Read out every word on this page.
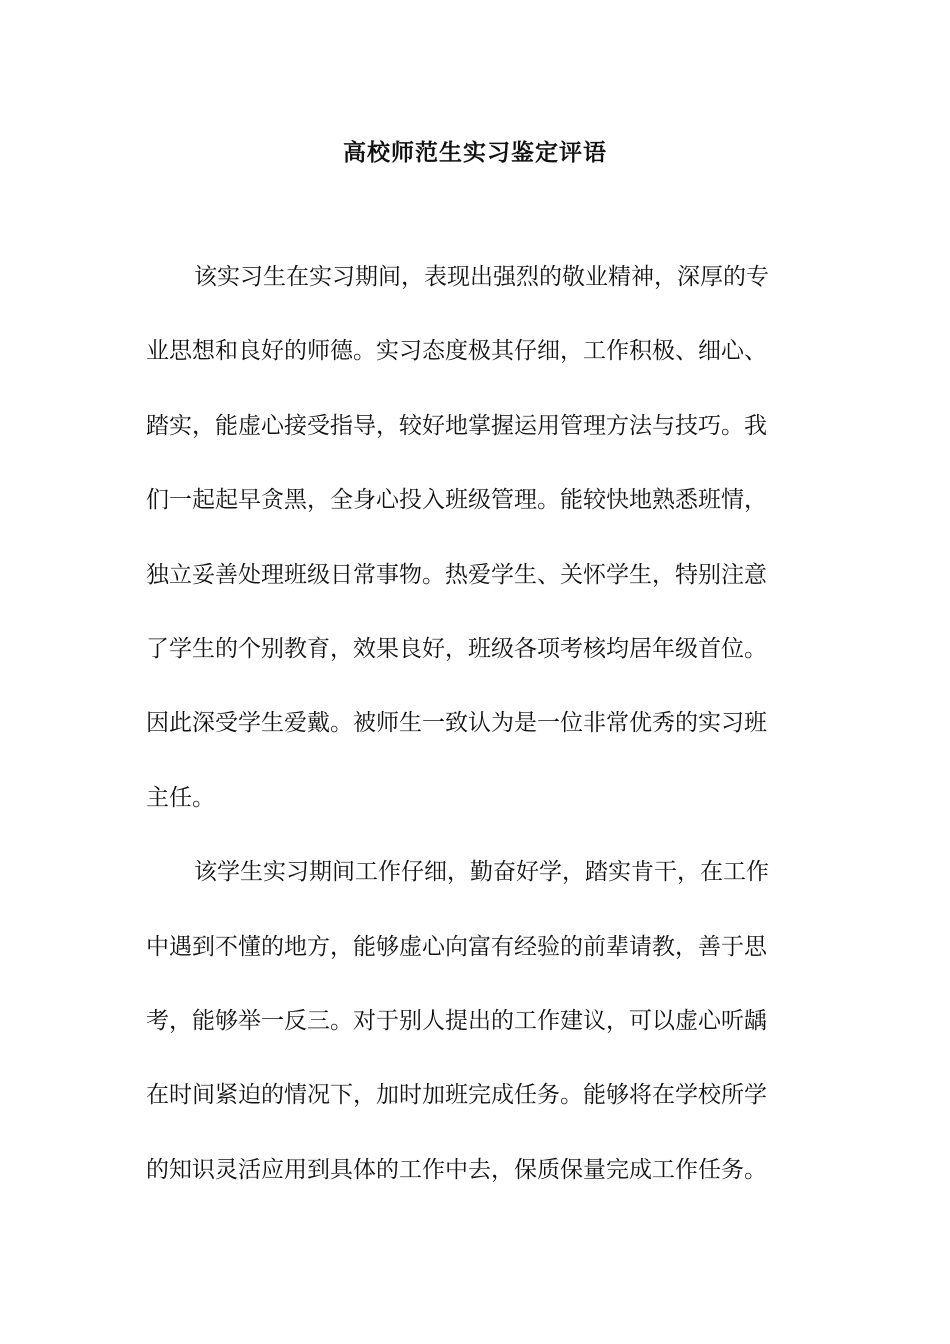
高校师范生实习鉴定评语
该实习生在实习期间，表现出强烈的敬业精神，深厚的专
业思想和良好的师德。实习态度极其仔细，工作积极、细心、
踏实，能虚心接受指导，较好地掌握运用管理方法与技巧。我
们一起起早贪黑，全身心投入班级管理。能较快地熟悉班情，
独立妥善处理班级日常事物。热爱学生、关怀学生，特别注意
了学生的个别教育，效果良好，班级各项考核均居年级首位。
因此深受学生爱戴。被师生一致认为是一位非常优秀的实习班
主任。
该学生实习期间工作仔细，勤奋好学，踏实肯干，在工作
中遇到不懂的地方，能够虚心向富有经验的前辈请教，善于思
考，能够举一反三。对于别人提出的工作建议，可以虚心听龋
在时间紧迫的情况下，加时加班完成任务。能够将在学校所学
的知识灵活应用到具体的工作中去，保质保量完成工作任务。
